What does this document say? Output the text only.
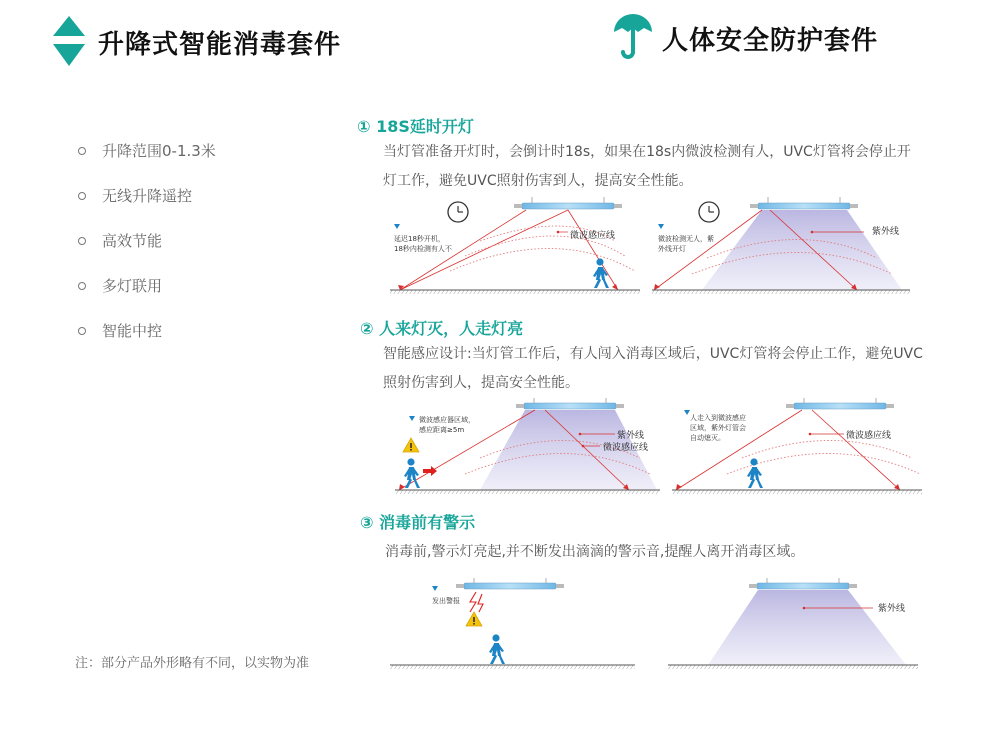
升降式智能消毒套件	人体安全防护套件
升降范围0-1.3米
无线升降遥控
高效节能
多灯联用
智能中控
注：部分产品外形略有不同，以实物为准
① 18S延时开灯
当灯管准备开灯时，会倒计时18s，如果在18s内微波检测有人，UVC灯管将会停止开灯工作，避免UVC照射伤害到人，提高安全性能。
延迟18秒开机，
18秒内检测有人不
微波感应线	微波检测无人，紫
外线开灯
紫外线
② 人来灯灭，人走灯亮
智能感应设计:当灯管工作后，有人闯入消毒区域后，UVC灯管将会停止工作，避免UVC照射伤害到人，提高安全性能。
微波感应器区域，
感应距离≥5m
紫外线
微波感应线
人走入到微波感应
区域，紫外灯管会
自动熄灭。	微波感应线
③ 消毒前有警示
消毒前,警示灯亮起,并不断发出滴滴的警示音,提醒人离开消毒区域。
发出警报
紫外线
